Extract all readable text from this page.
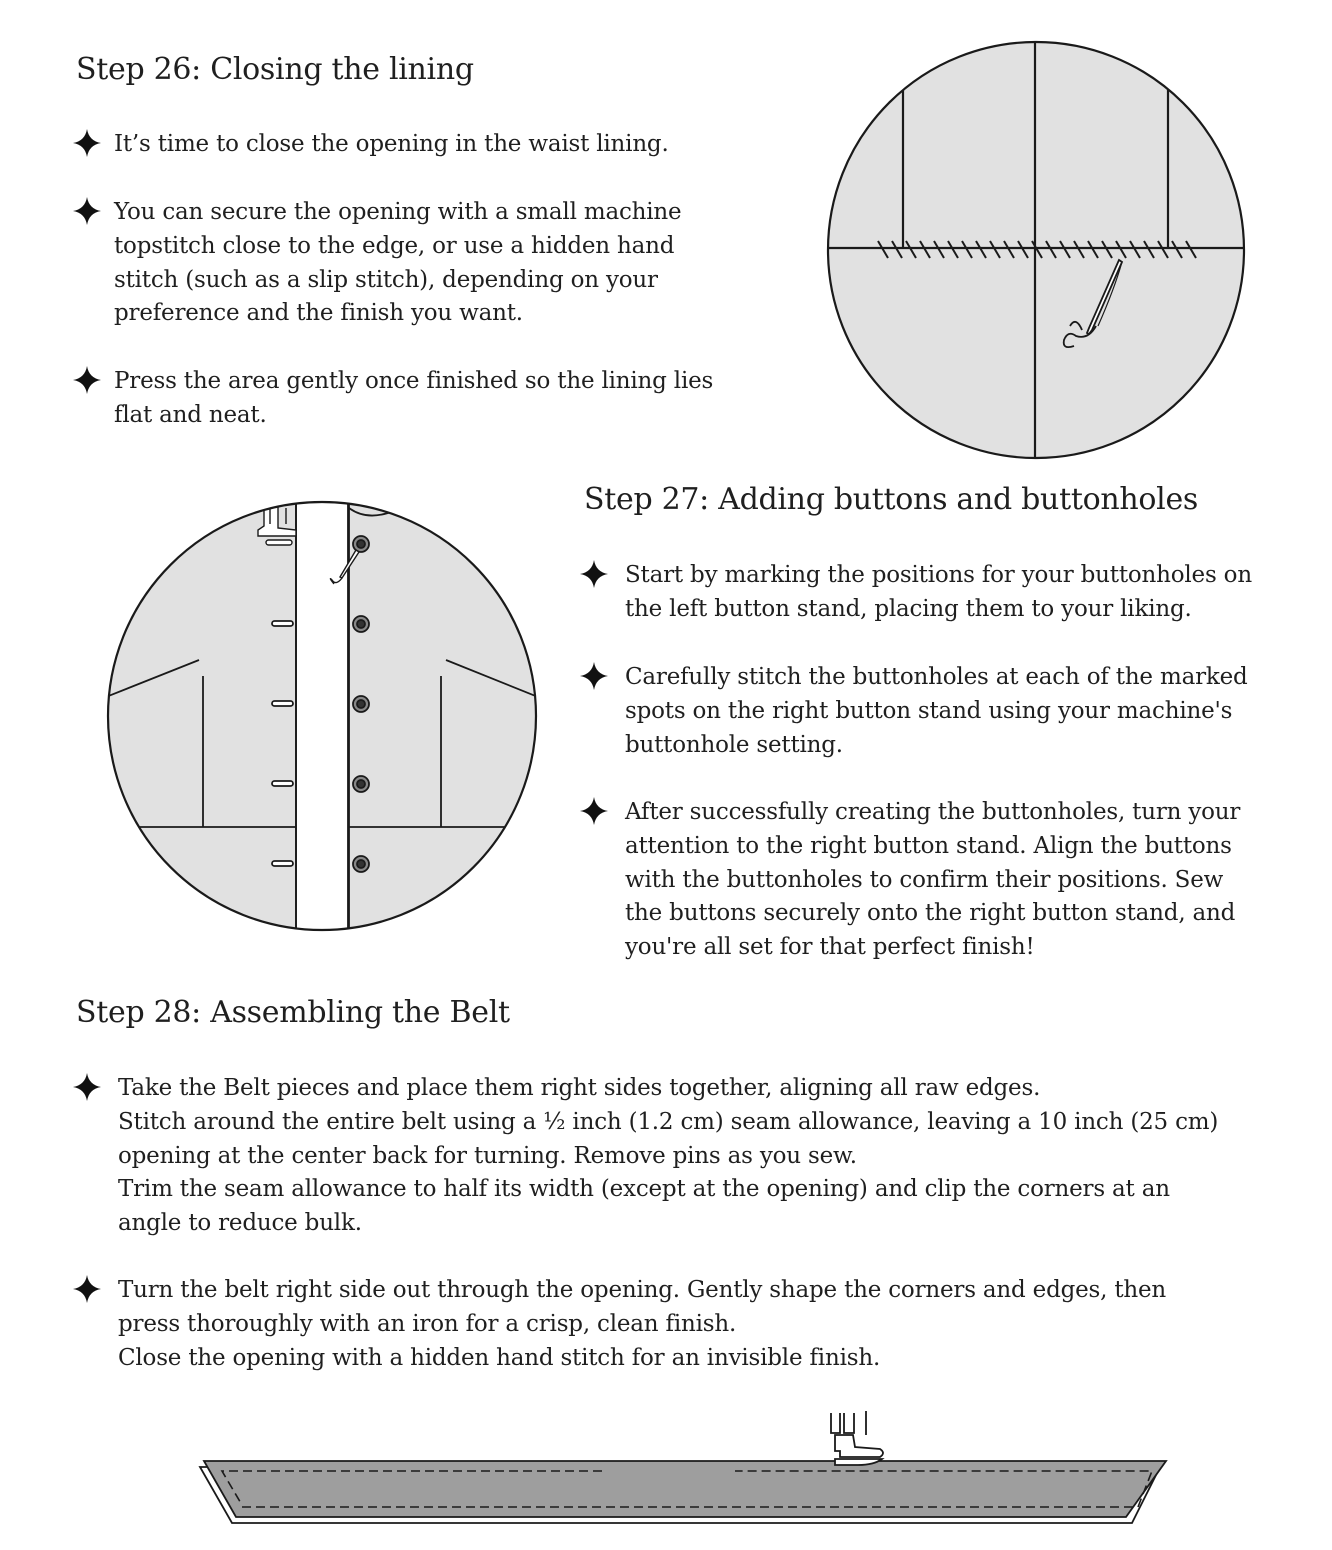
Step 26: Closing the lining
It’s time to close the opening in the waist lining.
You can secure the opening with a small machine
topstitch close to the edge, or use a hidden hand
stitch (such as a slip stitch), depending on your
preference and the finish you want.
Press the area gently once finished so the lining lies
flat and neat.
Step 27: Adding buttons and buttonholes
Start by marking the positions for your buttonholes on
the left button stand, placing them to your liking.
Carefully stitch the buttonholes at each of the marked
spots on the right button stand using your machine's
buttonhole setting.
After successfully creating the buttonholes, turn your
attention to the right button stand. Align the buttons
with the buttonholes to confirm their positions. Sew
the buttons securely onto the right button stand, and
you're all set for that perfect finish!
Step 28: Assembling the Belt
Take the Belt pieces and place them right sides together, aligning all raw edges.
Stitch around the entire belt using a ½ inch (1.2 cm) seam allowance, leaving a 10 inch (25 cm)
opening at the center back for turning. Remove pins as you sew.
Trim the seam allowance to half its width (except at the opening) and clip the corners at an
angle to reduce bulk.
Turn the belt right side out through the opening. Gently shape the corners and edges, then
press thoroughly with an iron for a crisp, clean finish.
Close the opening with a hidden hand stitch for an invisible finish.
